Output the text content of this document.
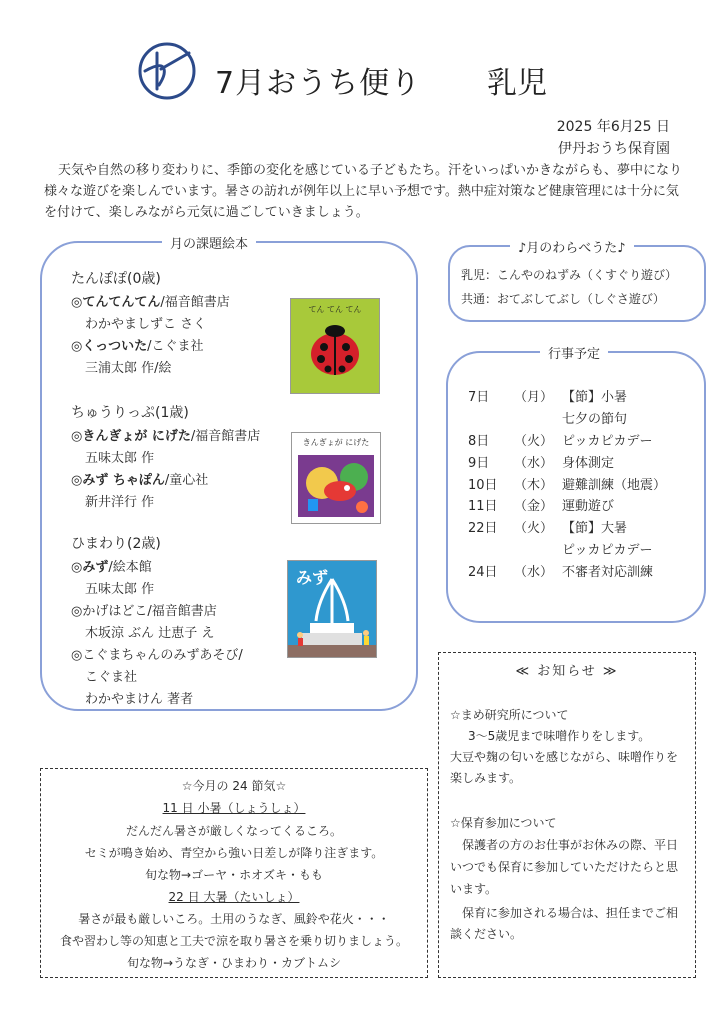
7月おうち便り 乳児
2025 年6月25 日
伊丹おうち保育園
天気や自然の移り変わりに、季節の変化を感じている子どもたち。汗をいっぱいかきながらも、夢中になり様々な遊びを楽しんでいます。暑さの訪れが例年以上に早い予想です。熱中症対策など健康管理には十分に気を付けて、楽しみながら元気に過ごしていきましょう。
月の課題絵本
たんぽぽ(0歳)
◎てんてんてん/福音館書店
わかやましずこ さく
◎くっついた/こぐま社
三浦太郎 作/絵
ちゅうりっぷ(1歳)
◎きんぎょが にげた/福音館書店
五味太郎 作
◎みず ちゃぽん/童心社
新井洋行 作
ひまわり(2歳)
◎みず/絵本館
五味太郎 作
◎かげはどこ/福音館書店
木坂涼 ぶん 辻恵子 え
◎こぐまちゃんのみずあそび/
こぐま社
わかやまけん 著者
てん てん てん
きんぎょが にげた
みず
♪月のわらべうた♪
乳児：こんやのねずみ（くすぐり遊び）
共通：おてぶしてぶし（しぐさ遊び）
行事予定
7日 （月） 【節】小暑
七夕の節句
8日 （火） ピッカピカデー
9日 （水） 身体測定
10日 （木） 避難訓練（地震）
11日 （金） 運動遊び
22日 （火） 【節】大暑
ピッカピカデー
24日 （水） 不審者対応訓練
≪ お知らせ ≫
☆まめ研究所について
3～5歳児まで味噌作りをします。
大豆や麹の匂いを感じながら、味噌作りを
楽しみます。
☆保育参加について
保護者の方のお仕事がお休みの際、平日
いつでも保育に参加していただけたらと思
います。
保育に参加される場合は、担任までご相
談ください。
☆今月の 24 節気☆
11 日 小暑（しょうしょ）
だんだん暑さが厳しくなってくるころ。
セミが鳴き始め、青空から強い日差しが降り注ぎます。
旬な物→ゴーヤ・ホオズキ・もも
22 日 大暑（たいしょ）
暑さが最も厳しいころ。土用のうなぎ、風鈴や花火・・・
食や習わし等の知恵と工夫で涼を取り暑さを乗り切りましょう。
旬な物→うなぎ・ひまわり・カブトムシ
